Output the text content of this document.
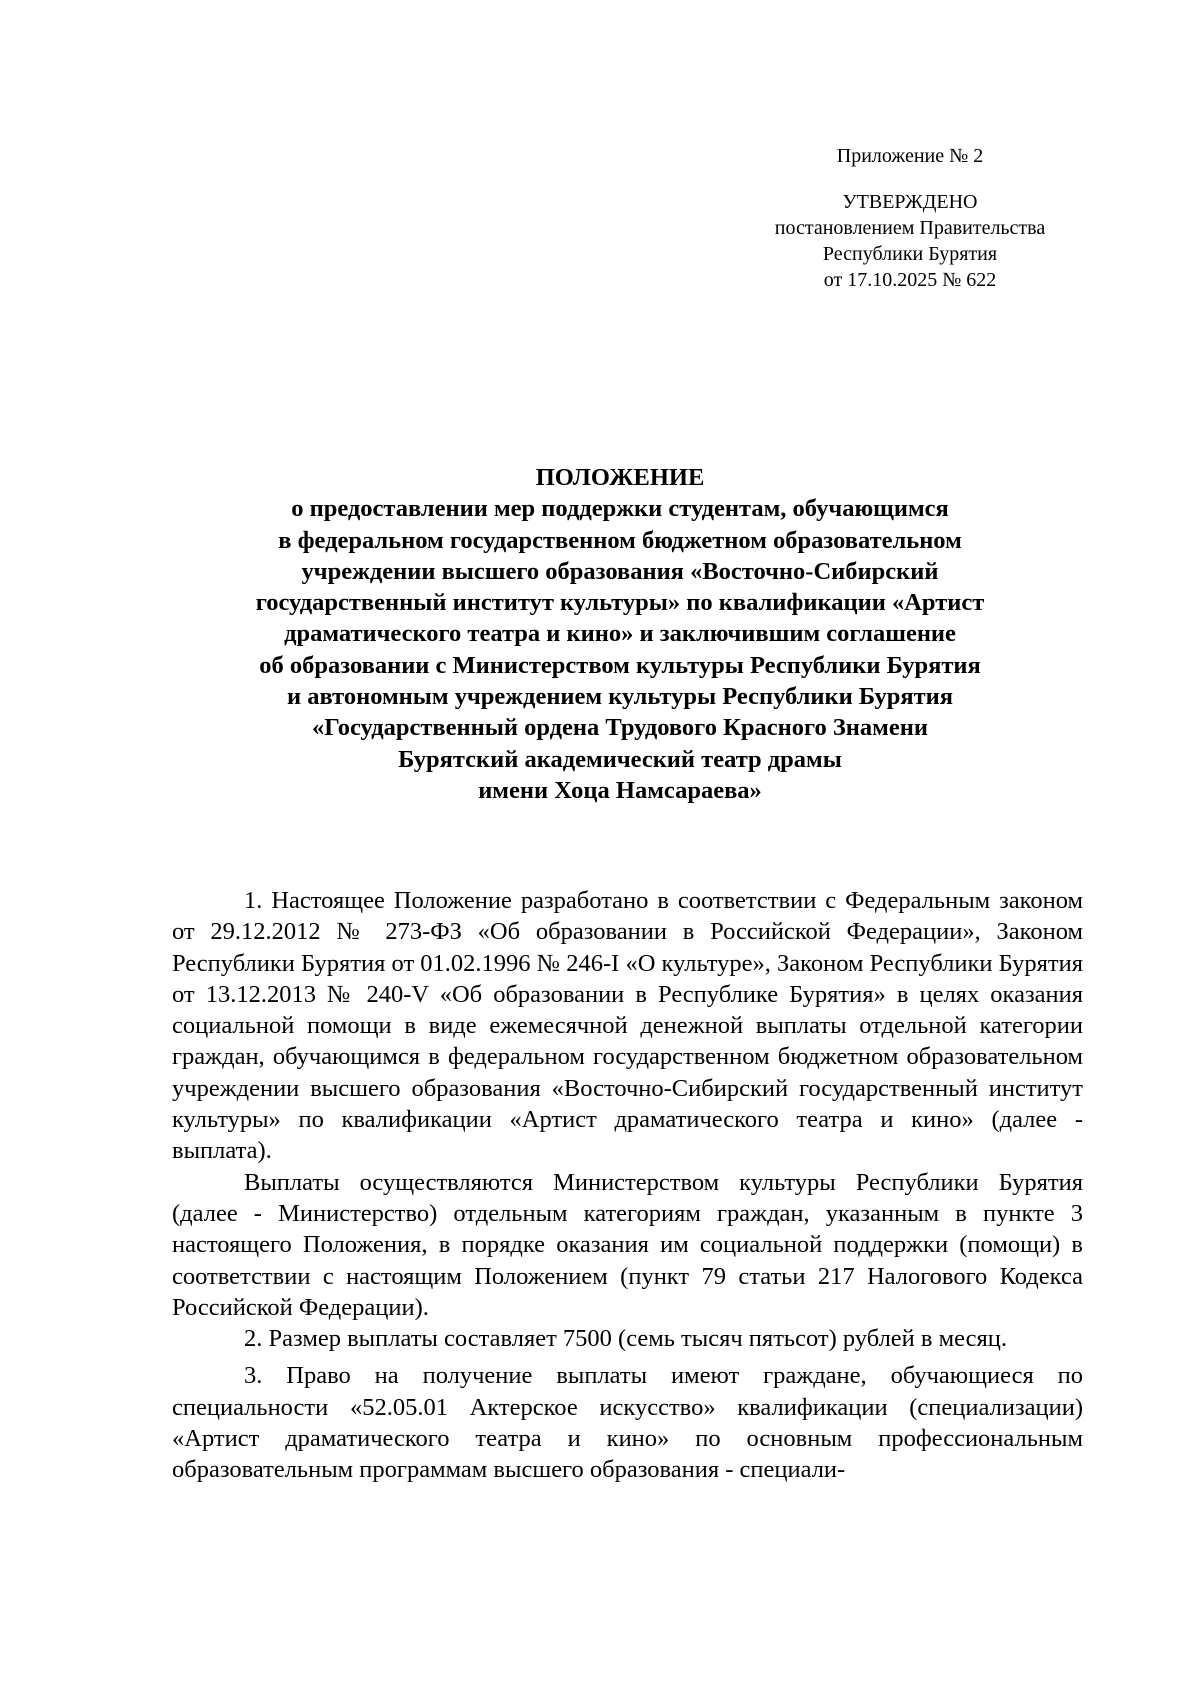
Приложение № 2
УТВЕРЖДЕНО
постановлением Правительства
Республики Бурятия
от 17.10.2025 № 622
ПОЛОЖЕНИЕ
о предоставлении мер поддержки студентам, обучающимся
в федеральном государственном бюджетном образовательном
учреждении высшего образования «Восточно-Сибирский
государственный институт культуры» по квалификации «Артист
драматического театра и кино» и заключившим соглашение
об образовании с Министерством культуры Республики Бурятия
и автономным учреждением культуры Республики Бурятия
«Государственный ордена Трудового Красного Знамени
Бурятский академический театр драмы
имени Хоца Намсараева»

1. Настоящее Положение разработано в соответствии с Федеральным законом от 29.12.2012 № 273-ФЗ «Об образовании в Российской Федерации», Законом Республики Бурятия от 01.02.1996 № 246-I «О культуре», Законом Республики Бурятия от 13.12.2013 № 240-V «Об образовании в Республике Бурятия» в целях оказания социальной помощи в виде ежемесячной денежной выплаты отдельной категории граждан, обучающимся в федеральном государственном бюджетном образовательном учреждении высшего образования «Восточно-Сибирский государственный институт культуры» по квалификации «Артист драматического театра и кино» (далее - выплата).

Выплаты осуществляются Министерством культуры Республики Бурятия (далее - Министерство) отдельным категориям граждан, указанным в пункте 3 настоящего Положения, в порядке оказания им социальной поддержки (помощи) в соответствии с настоящим Положением (пункт 79 статьи 217 Налогового Кодекса Российской Федерации).

2. Размер выплаты составляет 7500 (семь тысяч пятьсот) рублей в месяц.

3. Право на получение выплаты имеют граждане, обучающиеся по специальности «52.05.01 Актерское искусство» квалификации (специализации) «Артист драматического театра и кино» по основным профессиональным образовательным программам высшего образования - специали-
